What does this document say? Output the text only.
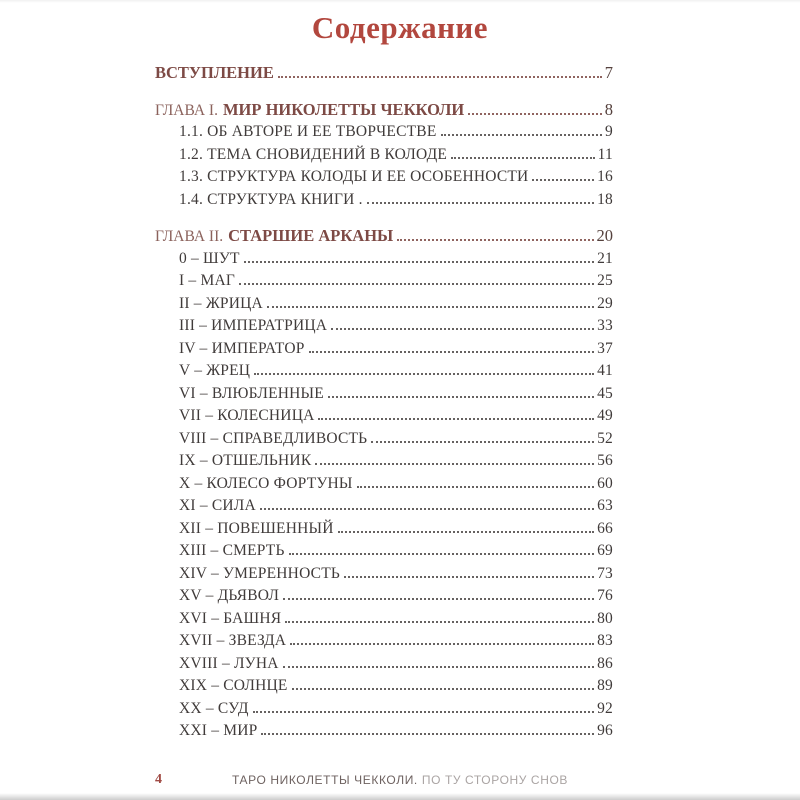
Содержание
ВСТУПЛЕНИЕ	7
ГЛАВА I. МИР НИКОЛЕТТЫ ЧЕККОЛИ	8
1.1. ОБ АВТОРЕ И ЕЕ ТВОРЧЕСТВЕ	9
1.2. ТЕМА СНОВИДЕНИЙ В КОЛОДЕ	11
1.3. СТРУКТУРА КОЛОДЫ И ЕЕ ОСОБЕННОСТИ	16
1.4. СТРУКТУРА КНИГИ .	18
ГЛАВА II. СТАРШИЕ АРКАНЫ	20
0 – ШУТ	21
I – МАГ	25
II – ЖРИЦА	29
III – ИМПЕРАТРИЦА	33
IV – ИМПЕРАТОР	37
V – ЖРЕЦ	41
VI – ВЛЮБЛЕННЫЕ	45
VII – КОЛЕСНИЦА	49
VIII – СПРАВЕДЛИВОСТЬ	52
IX – ОТШЕЛЬНИК	56
X – КОЛЕСО ФОРТУНЫ	60
XI – СИЛА	63
XII – ПОВЕШЕННЫЙ	66
XIII – СМЕРТЬ	69
XIV – УМЕРЕННОСТЬ	73
XV – ДЬЯВОЛ	76
XVI – БАШНЯ	80
XVII – ЗВЕЗДА	83
XVIII – ЛУНА	86
XIX – СОЛНЦЕ	89
XX – СУД	92
XXI – МИР	96
4	ТАРО НИКОЛЕТТЫ ЧЕККОЛИ. ПО ТУ СТОРОНУ СНОВ
